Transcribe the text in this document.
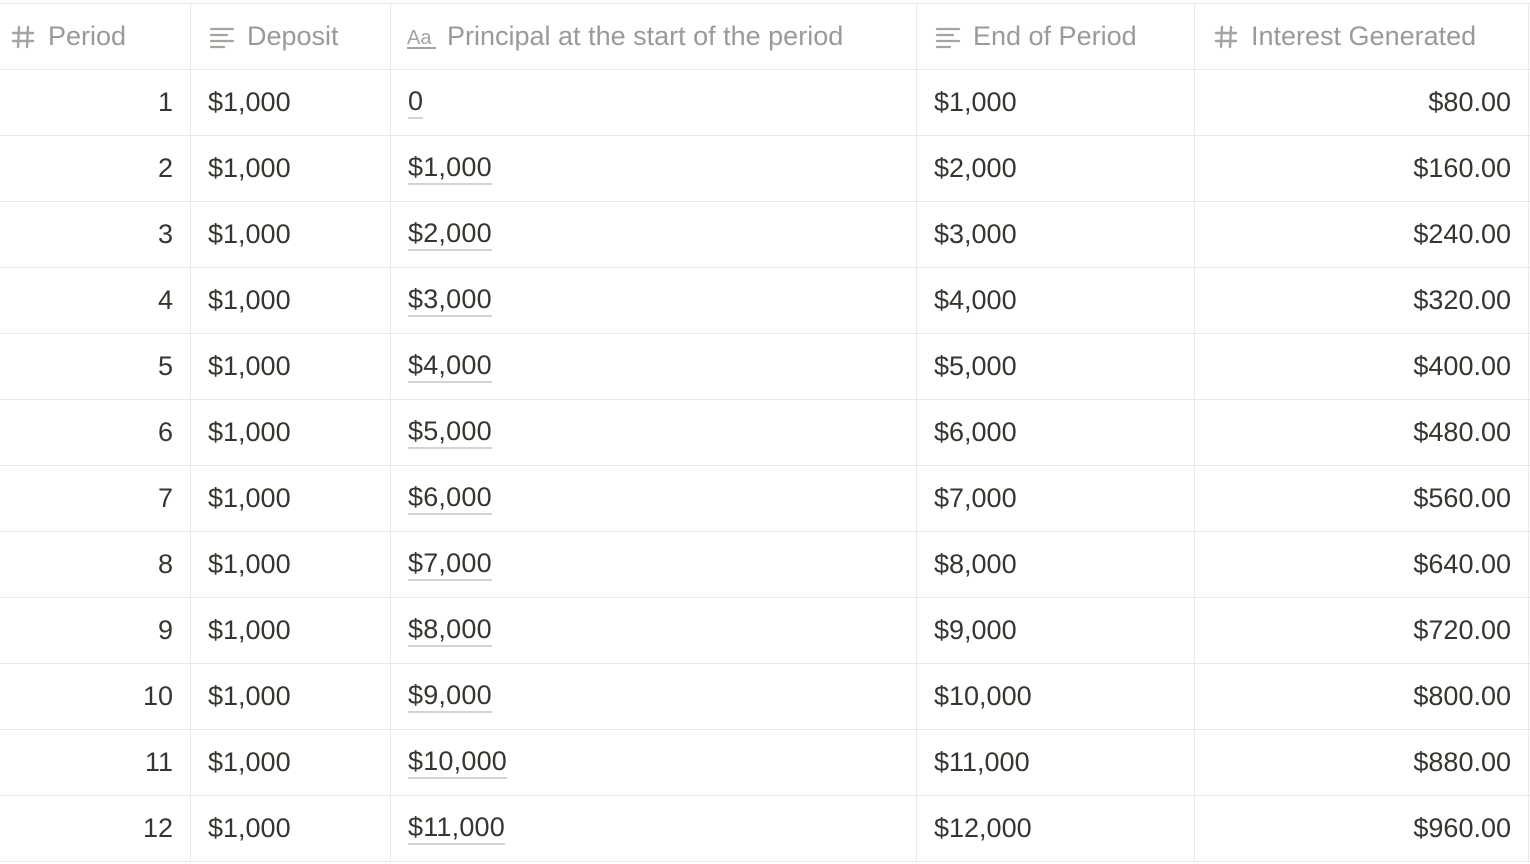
Period	Deposit	Aa Principal at the start of the period	End of Period	Interest Generated
1	$1,000	0	$1,000	$80.00
2	$1,000	$1,000	$2,000	$160.00
3	$1,000	$2,000	$3,000	$240.00
4	$1,000	$3,000	$4,000	$320.00
5	$1,000	$4,000	$5,000	$400.00
6	$1,000	$5,000	$6,000	$480.00
7	$1,000	$6,000	$7,000	$560.00
8	$1,000	$7,000	$8,000	$640.00
9	$1,000	$8,000	$9,000	$720.00
10	$1,000	$9,000	$10,000	$800.00
11	$1,000	$10,000	$11,000	$880.00
12	$1,000	$11,000	$12,000	$960.00
